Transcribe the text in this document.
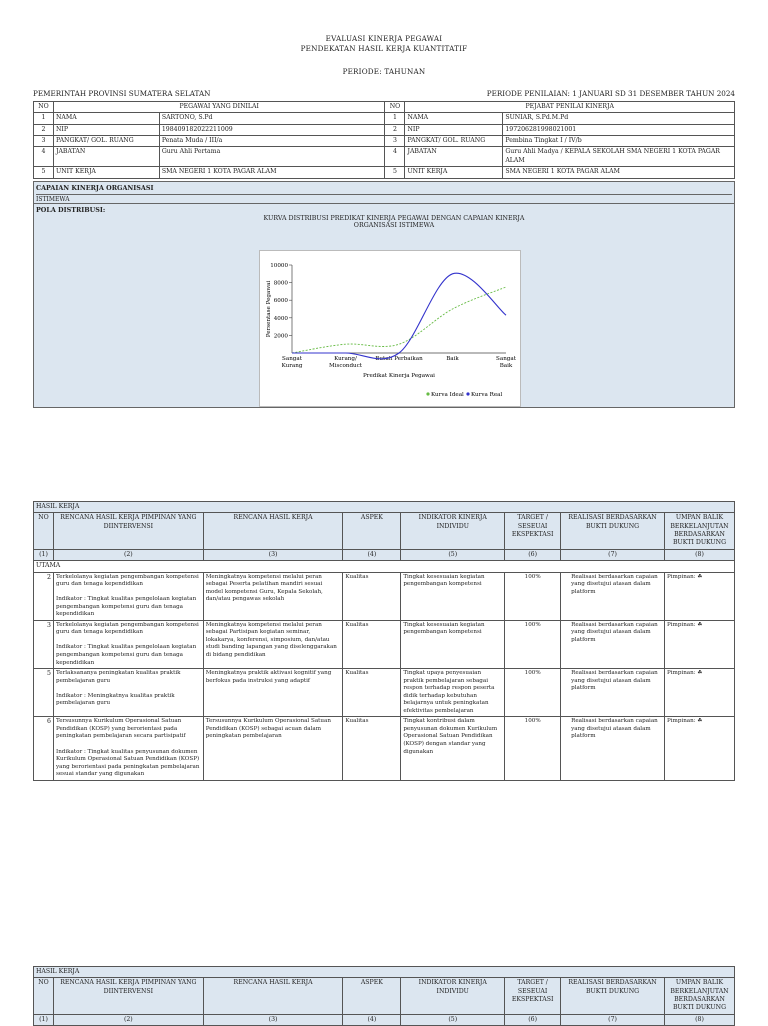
EVALUASI KINERJA PEGAWAI
PENDEKATAN HASIL KERJA KUANTITATIF
PERIODE: TAHUNAN
PEMERINTAH PROVINSI SUMATERA SELATAN	PERIODE PENILAIAN: 1 JANUARI SD 31 DESEMBER TAHUN 2024
NO	PEGAWAI YANG DINILAI		NO	PEJABAT PENILAI KINERJA	
1	NAMA	SARTONO, S.Pd	1	NAMA	SUNIAR, S.Pd.M.Pd
2	NIP	198409182022211009	2	NIP	197206281998021001
3	PANGKAT/ GOL. RUANG	Penata Muda / III/a	3	PANGKAT/ GOL. RUANG	Pembina Tingkat I / IV/b
4	JABATAN	Guru Ahli Pertama	4	JABATAN	Guru Ahli Madya / KEPALA SEKOLAH SMA NEGERI 1 KOTA PAGAR ALAM
5	UNIT KERJA	SMA NEGERI 1 KOTA PAGAR ALAM	5	UNIT KERJA	SMA NEGERI 1 KOTA PAGAR ALAM
CAPAIAN KINERJA ORGANISASI
ISTIMEWA
POLA DISTRIBUSI:
KURVA DISTRIBUSI PREDIKAT KINERJA PEGAWAI DENGAN CAPAIAN KINERJA ORGANISASI ISTIMEWA
2000
4000
6000
8000
10000
Sangat
Kurang
Kurang/
Misconduct
Butuh Perbaikan	Baik	Sangat
Baik
Predikat Kinerja Pegawai
Persentase Pegawai
Kurva Ideal Kurva Real
HASIL KERJA							
NO	RENCANA HASIL KERJA PIMPINAN YANG DIINTERVENSI	RENCANA HASIL KERJA	ASPEK	INDIKATOR KINERJA INDIVIDU	TARGET / SESEUAI EKSPEKTASI	REALISASI BERDASARKAN BUKTI DUKUNG	UMPAN BALIK BERKELANJUTAN BERDASARKAN BUKTI DUKUNG
(1)	(2)	(3)	(4)	(5)	(6)	(7)	(8)
UTAMA							
2	Terkelolanya kegiatan pengembangan kompetensi guru dan tenaga kependidikan

Indikator : Tingkat kualitas pengelolaan kegiatan pengembangan kompetensi guru dan tenaga kependidikan	Meningkatnya kompetensi melalui peran sebagai Peserta pelatihan mandiri sesuai model kompetensi Guru, Kepala Sekolah, dan/atau pengawas sekolah	Kualitas	Tingkat kesesuaian kegiatan pengembangan kompetensi	100%	Realisasi berdasarkan capaian yang disetujui atasan dalam platform	Pimpinan: ☘
3	Terkelolanya kegiatan pengembangan kompetensi guru dan tenaga kependidikan

Indikator : Tingkat kualitas pengelolaan kegiatan pengembangan kompetensi guru dan tenaga kependidikan	Meningkatnya kompetensi melalui peran sebagai Partisipan kegiatan seminar, lokakarya, konferensi, simposium, dan/atau studi banding lapangan yang diselenggarakan di bidang pendidikan	Kualitas	Tingkat kesesuaian kegiatan pengembangan kompetensi	100%	Realisasi berdasarkan capaian yang disetujui atasan dalam platform	Pimpinan: ☘
5	Terlaksananya peningkatan kualitas praktik pembelajaran guru

Indikator : Meningkatnya kualitas praktik pembelajaran guru	Meningkatnya praktik aktivasi kognitif yang berfokus pada instruksi yang adaptif	Kualitas	Tingkat upaya penyesuaian praktik pembelajaran sebagai respon terhadap respon peserta didik terhadap kebutuhan belajarnya untuk peningkatan efektivitas pembelajaran	100%	Realisasi berdasarkan capaian yang disetujui atasan dalam platform	Pimpinan: ☘
6	Tersusunnya Kurikulum Operasional Satuan Pendidikan (KOSP) yang berorientasi pada peningkatan pembelajaran secara partisipatif

Indikator : Tingkat kualitas penyusunan dokumen Kurikulum Operasional Satuan Pendidikan (KOSP) yang berorientasi pada peningkatan pembelajaran sesuai standar yang digunakan	Tersusunnya Kurikulum Operasional Satuan Pendidikan (KOSP) sebagai acuan dalam peningkatan pembelajaran	Kualitas	Tingkat kontribusi dalam penyusunan dokumen Kurikulum Operasional Satuan Pendidikan (KOSP) dengan standar yang digunakan	100%	Realisasi berdasarkan capaian yang disetujui atasan dalam platform	Pimpinan: ☘
HASIL KERJA							
NO	RENCANA HASIL KERJA PIMPINAN YANG DIINTERVENSI	RENCANA HASIL KERJA	ASPEK	INDIKATOR KINERJA INDIVIDU	TARGET / SESEUAI EKSPEKTASI	REALISASI BERDASARKAN BUKTI DUKUNG	UMPAN BALIK BERKELANJUTAN BERDASARKAN BUKTI DUKUNG
(1)	(2)	(3)	(4)	(5)	(6)	(7)	(8)
